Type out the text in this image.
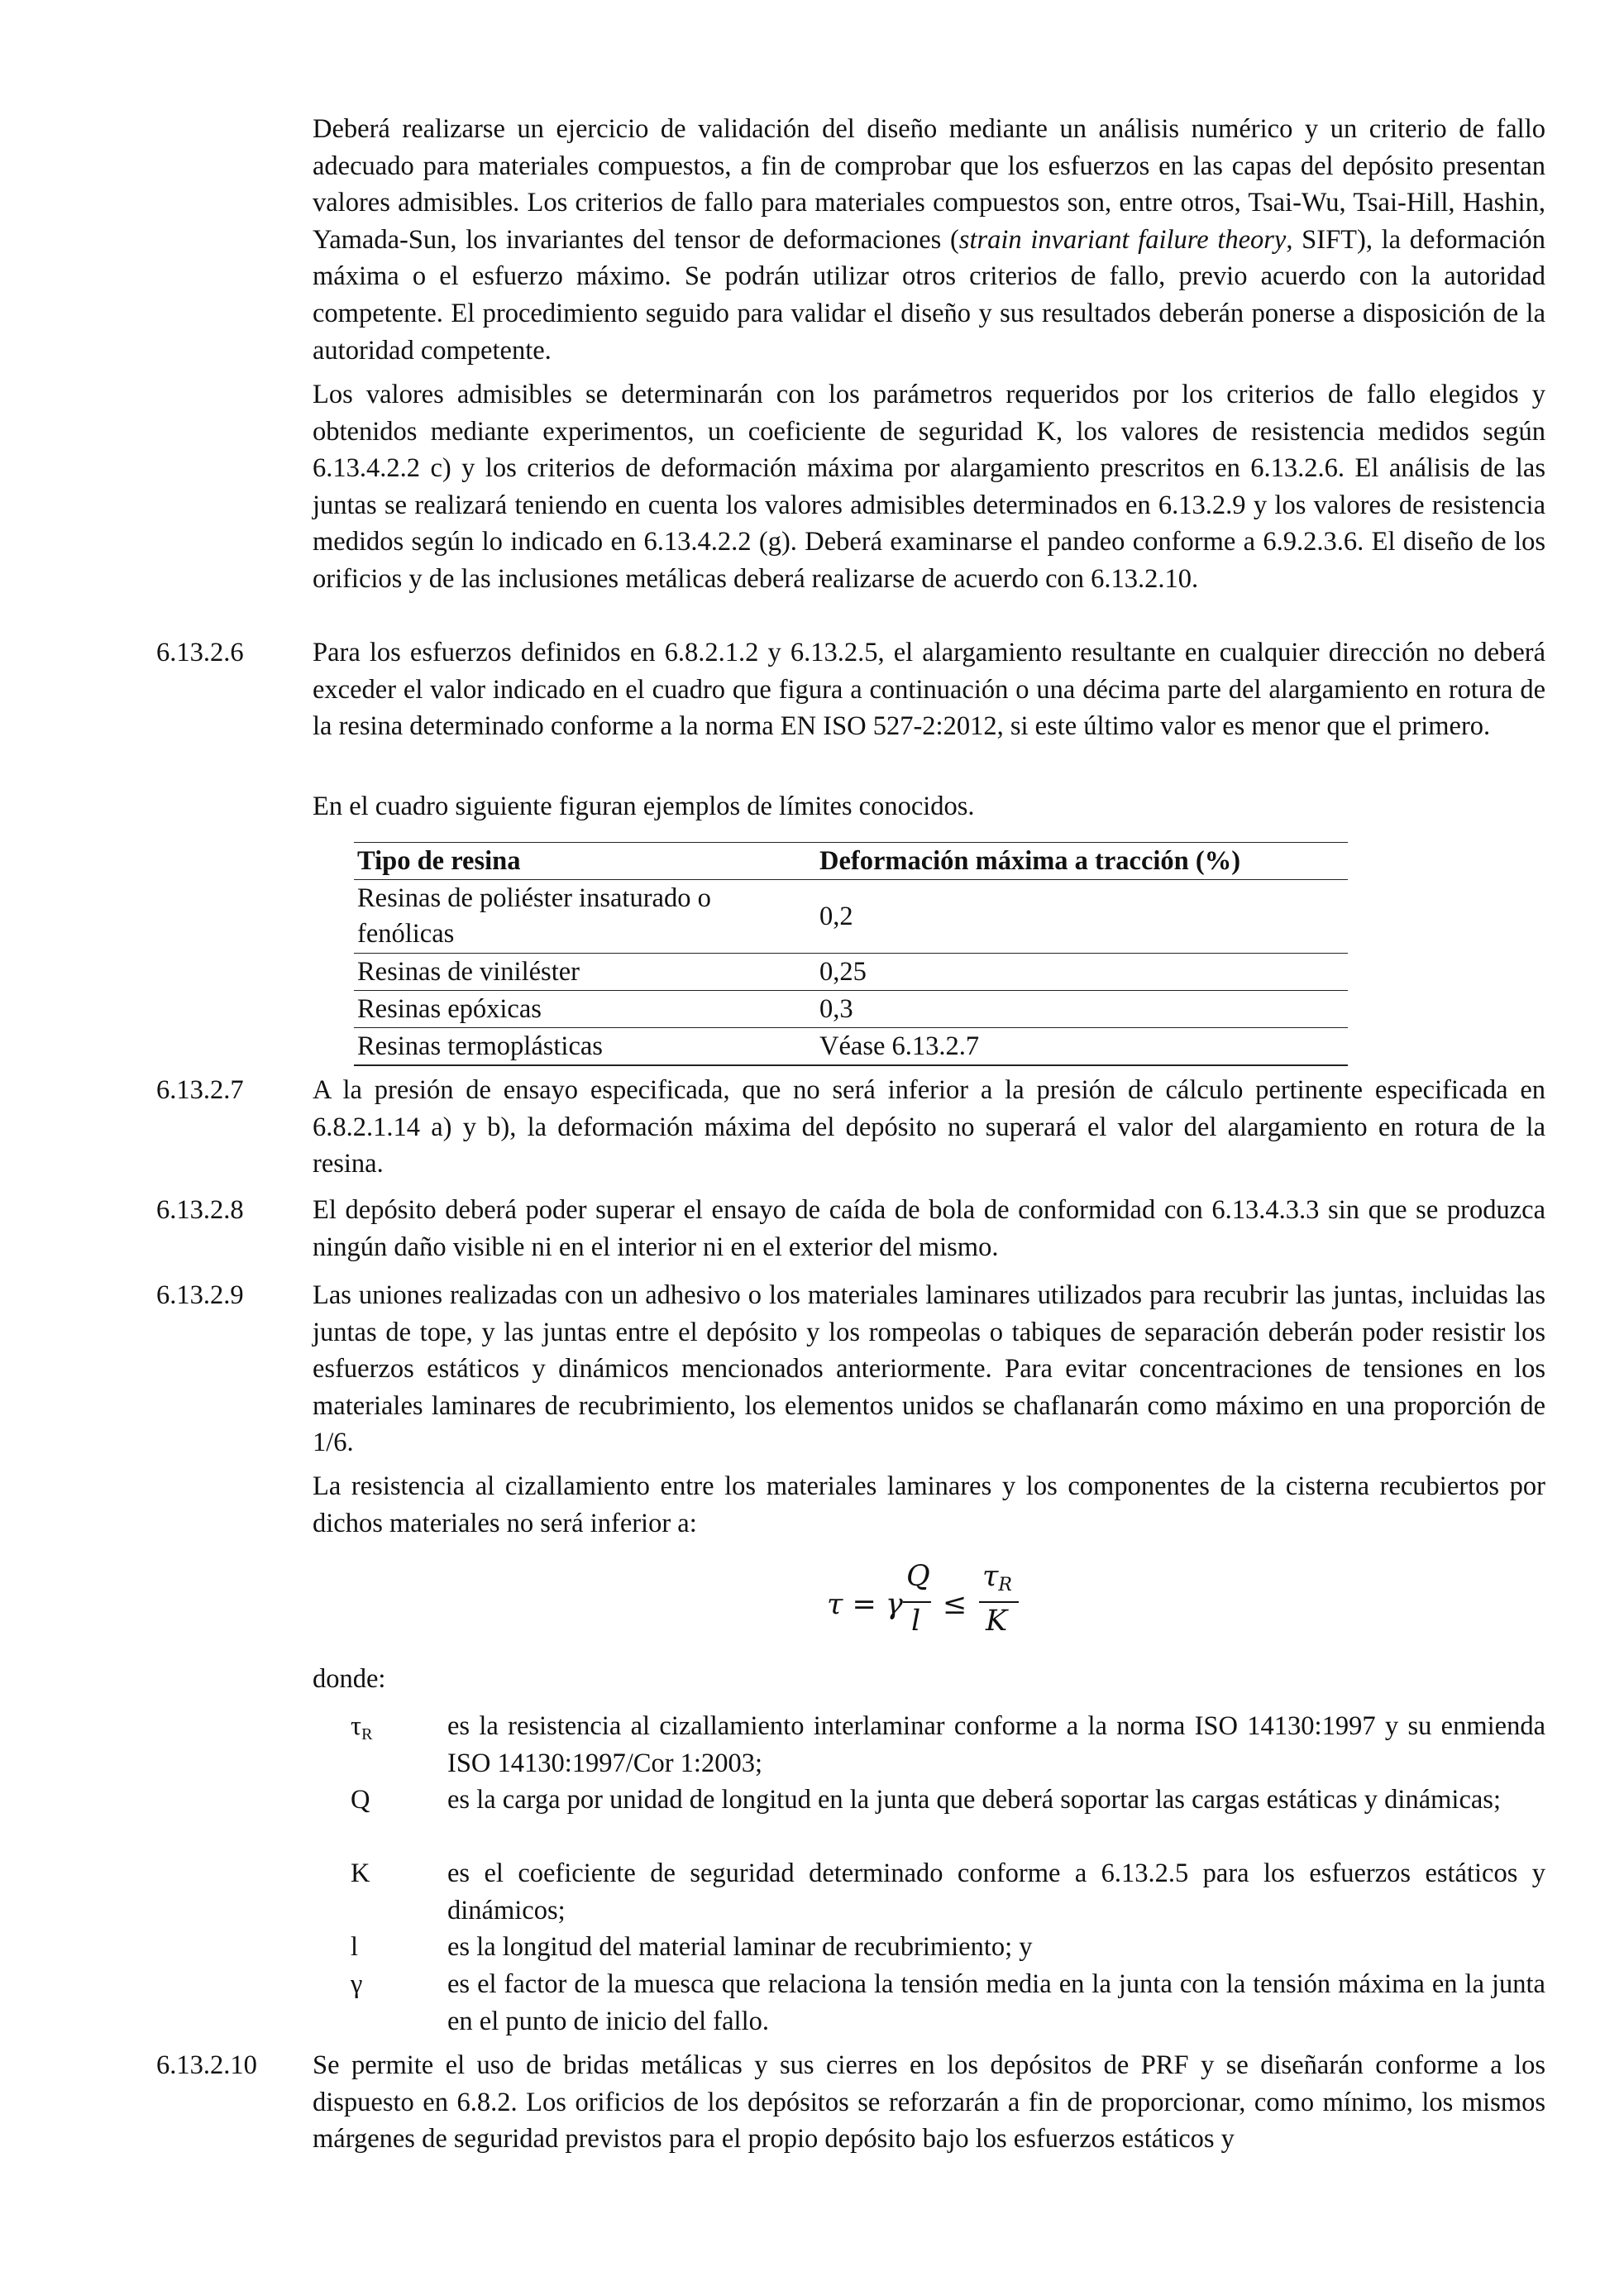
Deberá realizarse un ejercicio de validación del diseño mediante un análisis numérico y un criterio de fallo adecuado para materiales compuestos, a fin de comprobar que los esfuerzos en las capas del depósito presentan valores admisibles. Los criterios de fallo para materiales compuestos son, entre otros, Tsai-Wu, Tsai-Hill, Hashin, Yamada-Sun, los invariantes del tensor de deformaciones (strain invariant failure theory, SIFT), la deformación máxima o el esfuerzo máximo. Se podrán utilizar otros criterios de fallo, previo acuerdo con la autoridad competente. El procedimiento seguido para validar el diseño y sus resultados deberán ponerse a disposición de la autoridad competente.

Los valores admisibles se determinarán con los parámetros requeridos por los criterios de fallo elegidos y obtenidos mediante experimentos, un coeficiente de seguridad K, los valores de resistencia medidos según 6.13.4.2.2 c) y los criterios de deformación máxima por alargamiento prescritos en 6.13.2.6. El análisis de las juntas se realizará teniendo en cuenta los valores admisibles determinados en 6.13.2.9 y los valores de resistencia medidos según lo indicado en 6.13.4.2.2 (g). Deberá examinarse el pandeo conforme a 6.9.2.3.6. El diseño de los orificios y de las inclusiones metálicas deberá realizarse de acuerdo con 6.13.2.10.

6.13.2.6	Para los esfuerzos definidos en 6.8.2.1.2 y 6.13.2.5, el alargamiento resultante en cualquier dirección no deberá exceder el valor indicado en el cuadro que figura a continuación o una décima parte del alargamiento en rotura de la resina determinado conforme a la norma EN ISO 527-2:2012, si este último valor es menor que el primero.

En el cuadro siguiente figuran ejemplos de límites conocidos.

Tipo de resina	Deformación máxima a tracción (%)
Resinas de poliéster insaturado o fenólicas	0,2
Resinas de viniléster	0,25
Resinas epóxicas	0,3
Resinas termoplásticas	Véase 6.13.2.7

6.13.2.7	A la presión de ensayo especificada, que no será inferior a la presión de cálculo pertinente especificada en 6.8.2.1.14 a) y b), la deformación máxima del depósito no superará el valor del alargamiento en rotura de la resina.

6.13.2.8	El depósito deberá poder superar el ensayo de caída de bola de conformidad con 6.13.4.3.3 sin que se produzca ningún daño visible ni en el interior ni en el exterior del mismo.

6.13.2.9	Las uniones realizadas con un adhesivo o los materiales laminares utilizados para recubrir las juntas, incluidas las juntas de tope, y las juntas entre el depósito y los rompeolas o tabiques de separación deberán poder resistir los esfuerzos estáticos y dinámicos mencionados anteriormente. Para evitar concentraciones de tensiones en los materiales laminares de recubrimiento, los elementos unidos se chaflanarán como máximo en una proporción de 1/6.

La resistencia al cizallamiento entre los materiales laminares y los componentes de la cisterna recubiertos por dichos materiales no será inferior a:

τ = γ
Q
l ≤
τR
K

donde:

τR	es la resistencia al cizallamiento interlaminar conforme a la norma ISO 14130:1997 y su enmienda ISO 14130:1997/Cor 1:2003;

Q	es la carga por unidad de longitud en la junta que deberá soportar las cargas estáticas y dinámicas;

K	es el coeficiente de seguridad determinado conforme a 6.13.2.5 para los esfuerzos estáticos y dinámicos;

l	es la longitud del material laminar de recubrimiento; y

γ	es el factor de la muesca que relaciona la tensión media en la junta con la tensión máxima en la junta en el punto de inicio del fallo.

6.13.2.10 Se permite el uso de bridas metálicas y sus cierres en los depósitos de PRF y se diseñarán conforme a los dispuesto en 6.8.2. Los orificios de los depósitos se reforzarán a fin de proporcionar, como mínimo, los mismos márgenes de seguridad previstos para el propio depósito bajo los esfuerzos estáticos y
